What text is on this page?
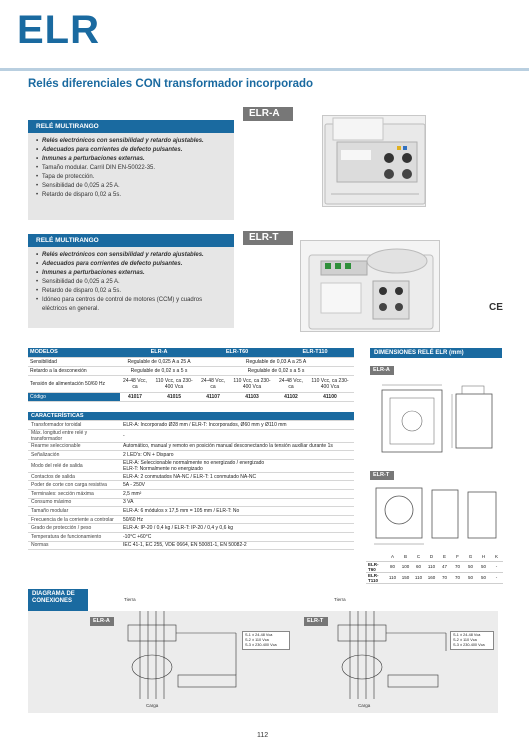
ELR
Relés diferenciales CON transformador incorporado
RELÉ MULTIRANGO
• Relés electrónicos con sensibilidad y retardo ajustables.
• Adecuados para corrientes de defecto pulsantes.
• Inmunes a perturbaciones externas.
• Tamaño modular. Carril DIN EN-50022-35.
• Tapa de protección.
• Sensibilidad de 0,025 a 25 A.
• Retardo de disparo 0,02 a 5s.
ELR-A
RELÉ MULTIRANGO
• Relés electrónicos con sensibilidad y retardo ajustables.
• Adecuados para corrientes de defecto pulsantes.
• Inmunes a perturbaciones externas.
• Sensibilidad de 0,025 a 25 A.
• Retardo de disparo 0,02 a 5s.
• Idóneo para centros de control de motores (CCM) y cuadros eléctricos en general.
ELR-T
CE
MODELOS	ELR-A		ELR-T60		ELR-T110	
Sensibilidad	Regulable de 0,025 A a 25 A		Regulable de 0,03 A a 25 A			
Retardo a la desconexión	Regulable de 0,02 s a 5 s		Regulable de 0,02 s a 5 s			
Tensión de alimentación 50/60 Hz	24-48 Vcc, ca	110 Vcc, ca 230-400 Vca	24-48 Vcc, ca	110 Vcc, ca 230-400 Vca	24-48 Vcc, ca	110 Vcc, ca 230-400 Vca
Código	41017	41015	41107	41103	41102	41100
CARACTERÍSTICAS	
Transformador toroidal	ELR-A: Incorporado Ø28 mm / ELR-T: Incorporados, Ø60 mm y Ø110 mm
Máx. longitud entre relé y transformador	-
Rearme seleccionable	Automático, manual y remoto en posición manual desconectando la tensión auxiliar durante 1s
Señalización	2 LED's: ON + Disparo
Modo del relé de salida	ELR-A: Seleccionable normalmente no energizado / energizado
ELR-T: Normalmente no energizado

Contactos de salida	ELR-A: 2 conmutados NA-NC / ELR-T: 1 conmutado NA-NC
Poder de corte con carga resistiva	5A - 250V
Terminales: sección máxima	2,5 mm²
Consumo máximo	3 VA
Tamaño modular	ELR-A: 6 módulos x 17,5 mm = 105 mm / ELR-T: No
Frecuencia de la corriente a controlar	50/60 Hz
Grado de protección / peso	ELR-A: IP-20 / 0,4 kg / ELR-T: IP-20 / 0,4 y 0,6 kg
Temperatura de funcionamiento	-10°C +60°C
Normas	IEC 41-1, EC 255, VDE 0664, EN 50081-1, EN 50082-2
DIMENSIONES RELÉ ELR (mm)
ELR-A
ELR-T
	A	B	C	D	E	F	G	H	K
ELR-T60	80	100	60	110	47	70	50	50	-
ELR-T110	110	150	110	160	70	70	50	50	-
DIAGRAMA DE CONEXIONES
ELR-A	ELR-T
Tierra	Tierra
Carga	Carga
S-1 ± 24-48 Vca
S-2 ± 110 Vca
S-3 ± 230-400 Vca
S-1 ± 24-48 Vca
S-2 ± 110 Vca
S-3 ± 230-400 Vca
112
